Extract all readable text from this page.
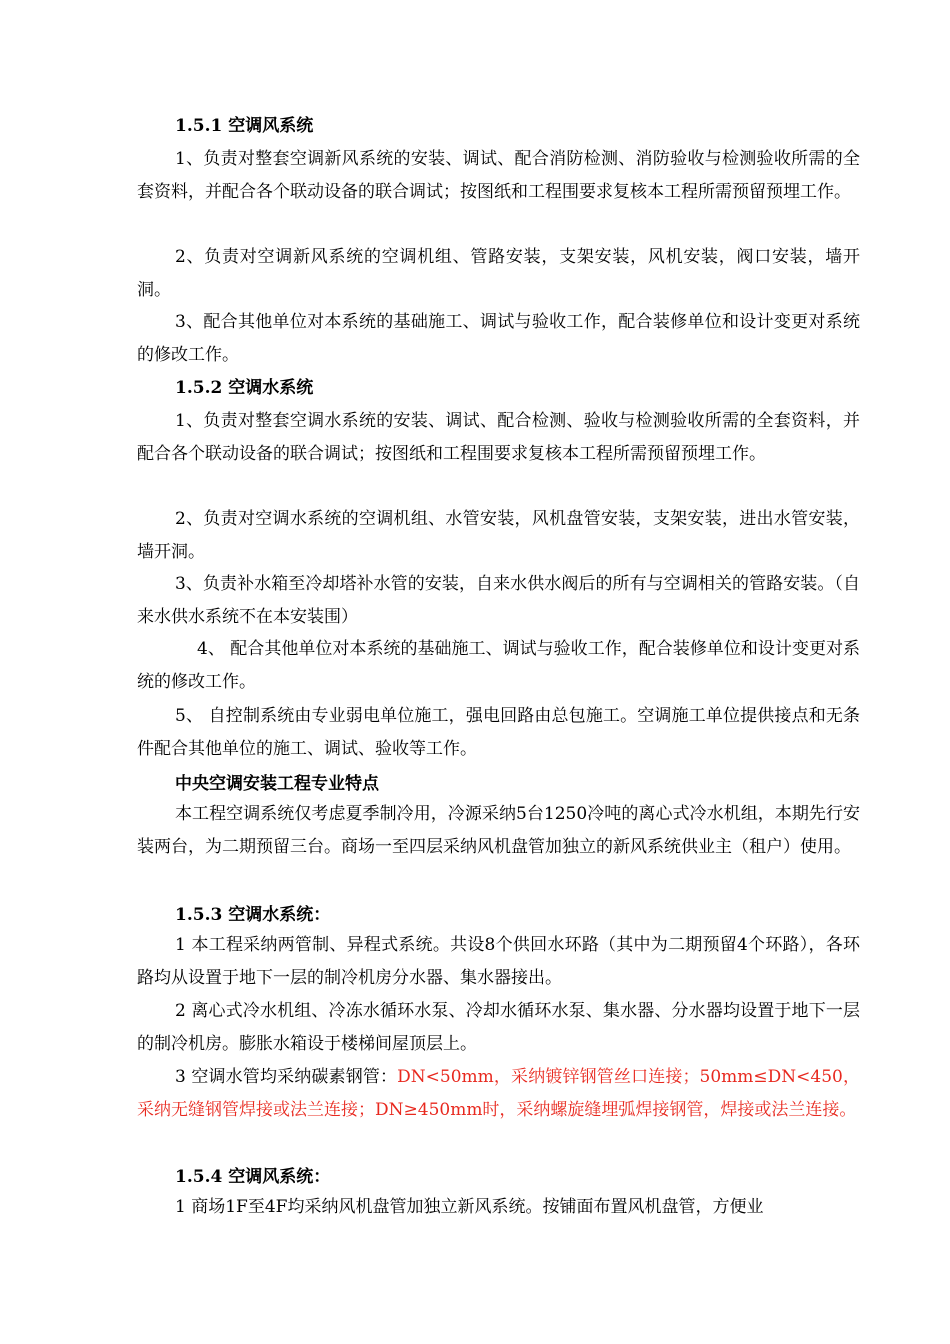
1.5.1 空调风系统

1、负责对整套空调新风系统的安装、调试、配合消防检测、消防验收与检测验收所需的全套资料，并配合各个联动设备的联合调试；按图纸和工程围要求复核本工程所需预留预埋工作。

2、负责对空调新风系统的空调机组、管路安装，支架安装，风机安装，阀口安装，墙开洞。

3、配合其他单位对本系统的基础施工、调试与验收工作，配合装修单位和设计变更对系统的修改工作。

1.5.2 空调水系统

1、负责对整套空调水系统的安装、调试、配合检测、验收与检测验收所需的全套资料，并配合各个联动设备的联合调试；按图纸和工程围要求复核本工程所需预留预埋工作。

2、负责对空调水系统的空调机组、水管安装，风机盘管安装，支架安装，进出水管安装，墙开洞。

3、负责补水箱至冷却塔补水管的安装，自来水供水阀后的所有与空调相关的管路安装。（自来水供水系统不在本安装围）

4、 配合其他单位对本系统的基础施工、调试与验收工作，配合装修单位和设计变更对系统的修改工作。

5、 自控制系统由专业弱电单位施工，强电回路由总包施工。空调施工单位提供接点和无条件配合其他单位的施工、调试、验收等工作。

中央空调安装工程专业特点

本工程空调系统仅考虑夏季制冷用，冷源采纳5台1250冷吨的离心式冷水机组，本期先行安装两台，为二期预留三台。商场一至四层采纳风机盘管加独立的新风系统供业主（租户）使用。

1.5.3 空调水系统：

1 本工程采纳两管制、异程式系统。共设8个供回水环路（其中为二期预留4个环路），各环路均从设置于地下一层的制冷机房分水器、集水器接出。

2 离心式冷水机组、冷冻水循环水泵、冷却水循环水泵、集水器、分水器均设置于地下一层的制冷机房。膨胀水箱设于楼梯间屋顶层上。

3 空调水管均采纳碳素钢管：DN<50mm，采纳镀锌钢管丝口连接；50mm≤DN<450，采纳无缝钢管焊接或法兰连接；DN≥450mm时，采纳螺旋缝埋弧焊接钢管，焊接或法兰连接。

1.5.4 空调风系统：

1 商场1F至4F均采纳风机盘管加独立新风系统。按铺面布置风机盘管，方便业
